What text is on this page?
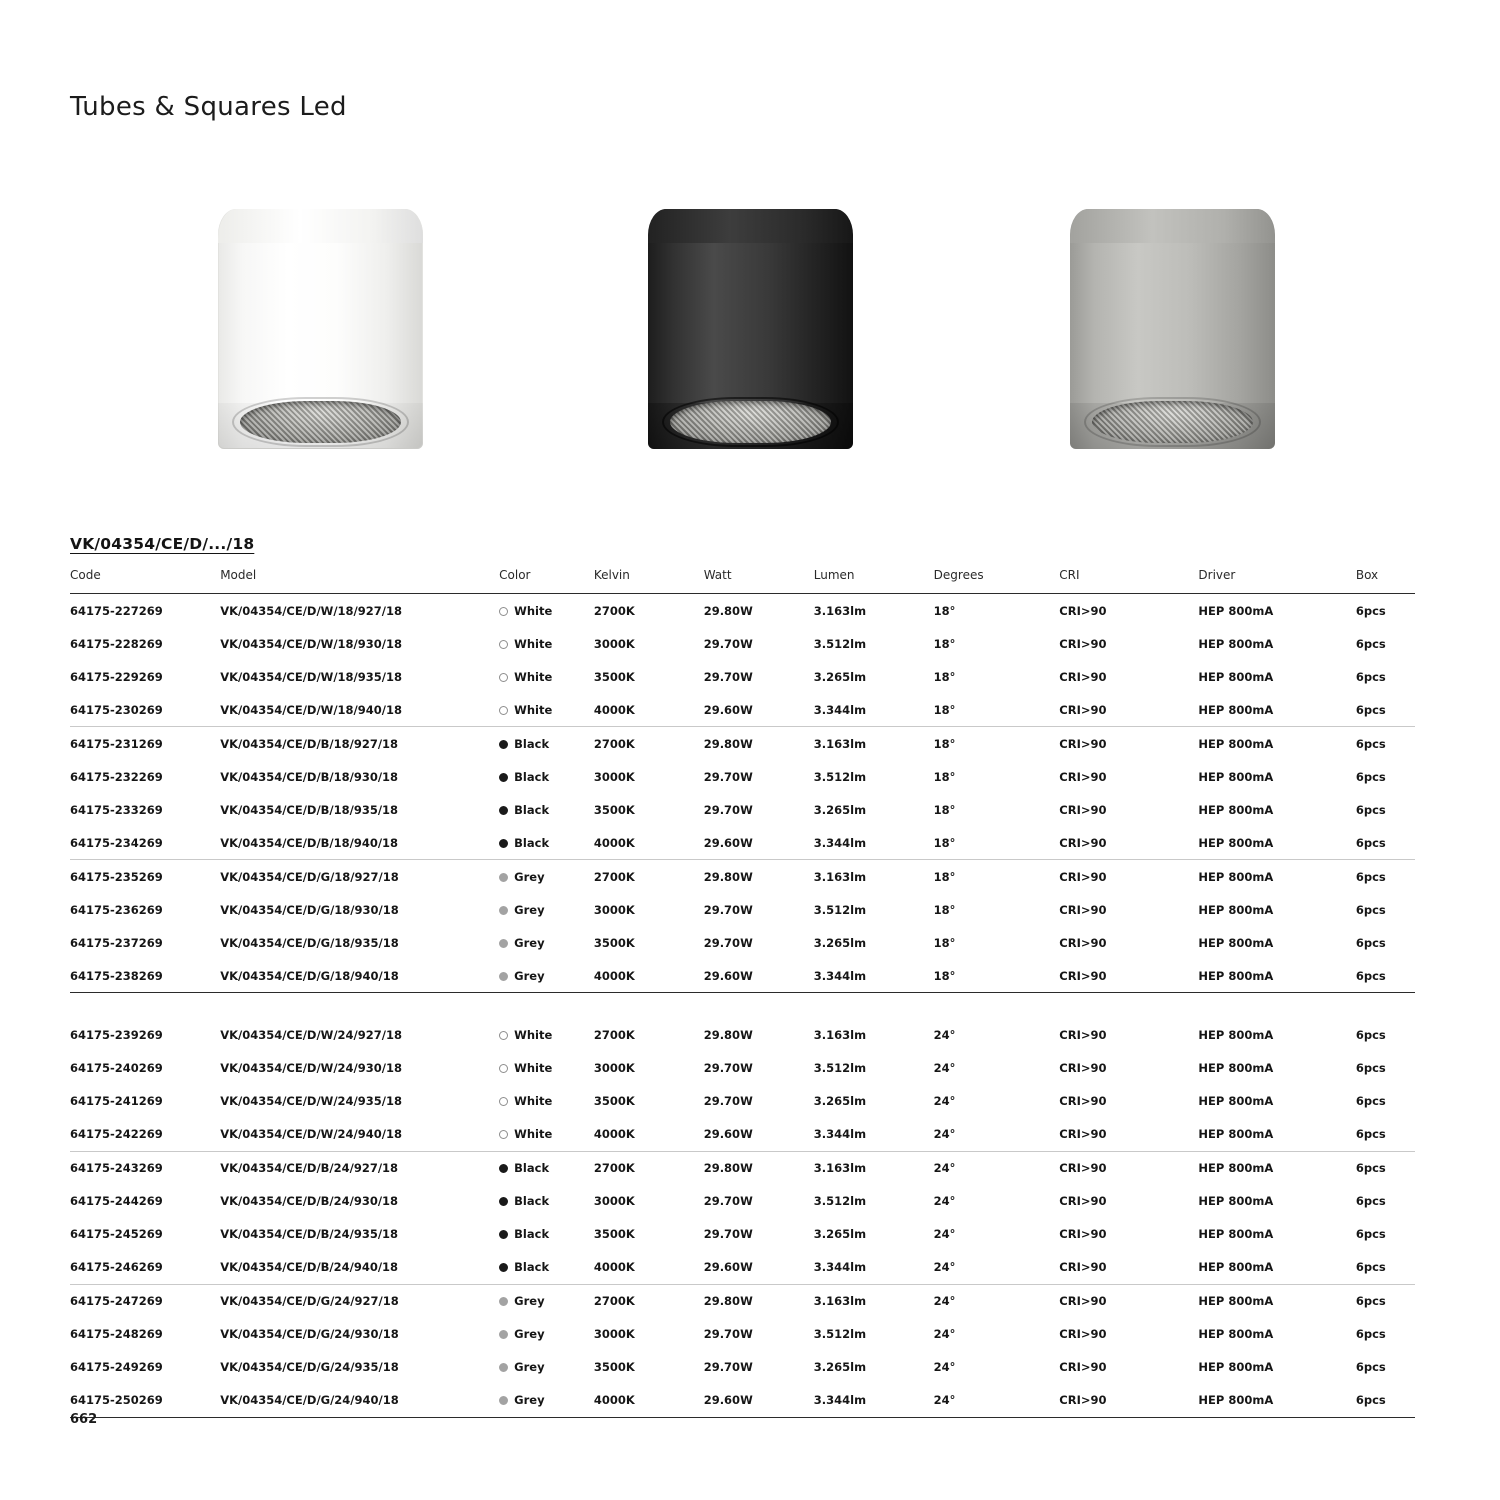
Tubes & Squares Led
VK/04354/CE/D/.../18
Code	Model	Color	Kelvin	Watt	Lumen	Degrees	CRI	Driver	Box
64175-227269	VK/04354/CE/D/W/18/927/18	White	2700K	29.80W	3.163lm	18°	CRI>90	HEP 800mA	6pcs
64175-228269	VK/04354/CE/D/W/18/930/18	White	3000K	29.70W	3.512lm	18°	CRI>90	HEP 800mA	6pcs
64175-229269	VK/04354/CE/D/W/18/935/18	White	3500K	29.70W	3.265lm	18°	CRI>90	HEP 800mA	6pcs
64175-230269	VK/04354/CE/D/W/18/940/18	White	4000K	29.60W	3.344lm	18°	CRI>90	HEP 800mA	6pcs
64175-231269	VK/04354/CE/D/B/18/927/18	Black	2700K	29.80W	3.163lm	18°	CRI>90	HEP 800mA	6pcs
64175-232269	VK/04354/CE/D/B/18/930/18	Black	3000K	29.70W	3.512lm	18°	CRI>90	HEP 800mA	6pcs
64175-233269	VK/04354/CE/D/B/18/935/18	Black	3500K	29.70W	3.265lm	18°	CRI>90	HEP 800mA	6pcs
64175-234269	VK/04354/CE/D/B/18/940/18	Black	4000K	29.60W	3.344lm	18°	CRI>90	HEP 800mA	6pcs
64175-235269	VK/04354/CE/D/G/18/927/18	Grey	2700K	29.80W	3.163lm	18°	CRI>90	HEP 800mA	6pcs
64175-236269	VK/04354/CE/D/G/18/930/18	Grey	3000K	29.70W	3.512lm	18°	CRI>90	HEP 800mA	6pcs
64175-237269	VK/04354/CE/D/G/18/935/18	Grey	3500K	29.70W	3.265lm	18°	CRI>90	HEP 800mA	6pcs
64175-238269	VK/04354/CE/D/G/18/940/18	Grey	4000K	29.60W	3.344lm	18°	CRI>90	HEP 800mA	6pcs

64175-239269	VK/04354/CE/D/W/24/927/18	White	2700K	29.80W	3.163lm	24°	CRI>90	HEP 800mA	6pcs
64175-240269	VK/04354/CE/D/W/24/930/18	White	3000K	29.70W	3.512lm	24°	CRI>90	HEP 800mA	6pcs
64175-241269	VK/04354/CE/D/W/24/935/18	White	3500K	29.70W	3.265lm	24°	CRI>90	HEP 800mA	6pcs
64175-242269	VK/04354/CE/D/W/24/940/18	White	4000K	29.60W	3.344lm	24°	CRI>90	HEP 800mA	6pcs
64175-243269	VK/04354/CE/D/B/24/927/18	Black	2700K	29.80W	3.163lm	24°	CRI>90	HEP 800mA	6pcs
64175-244269	VK/04354/CE/D/B/24/930/18	Black	3000K	29.70W	3.512lm	24°	CRI>90	HEP 800mA	6pcs
64175-245269	VK/04354/CE/D/B/24/935/18	Black	3500K	29.70W	3.265lm	24°	CRI>90	HEP 800mA	6pcs
64175-246269	VK/04354/CE/D/B/24/940/18	Black	4000K	29.60W	3.344lm	24°	CRI>90	HEP 800mA	6pcs
64175-247269	VK/04354/CE/D/G/24/927/18	Grey	2700K	29.80W	3.163lm	24°	CRI>90	HEP 800mA	6pcs
64175-248269	VK/04354/CE/D/G/24/930/18	Grey	3000K	29.70W	3.512lm	24°	CRI>90	HEP 800mA	6pcs
64175-249269	VK/04354/CE/D/G/24/935/18	Grey	3500K	29.70W	3.265lm	24°	CRI>90	HEP 800mA	6pcs
64175-250269	VK/04354/CE/D/G/24/940/18	Grey	4000K	29.60W	3.344lm	24°	CRI>90	HEP 800mA	6pcs
662
